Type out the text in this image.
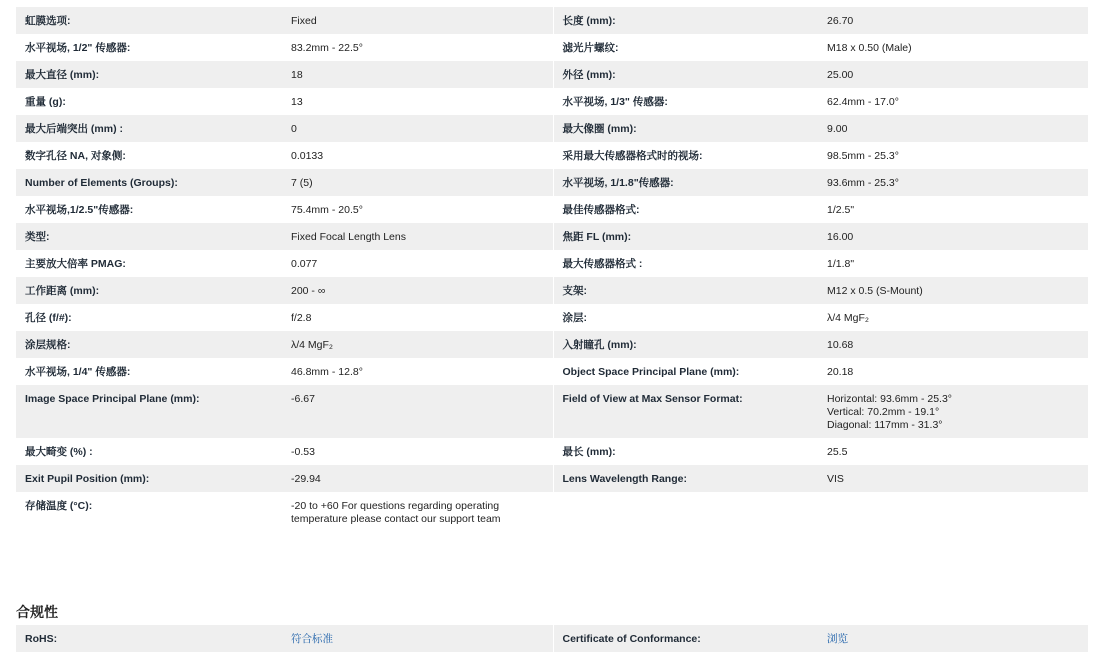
虹膜选项:	Fixed	长度 (mm):	26.70
水平视场, 1/2" 传感器:	83.2mm - 22.5°	滤光片螺纹:	M18 x 0.50 (Male)
最大直径 (mm):	18	外径 (mm):	25.00
重量 (g):	13	水平视场, 1/3" 传感器:	62.4mm - 17.0°
最大后端突出 (mm) :	0	最大像圈 (mm):	9.00
数字孔径 NA, 对象侧:	0.0133	采用最大传感器格式时的视场:	98.5mm - 25.3°
Number of Elements (Groups):	7 (5)	水平视场, 1/1.8"传感器:	93.6mm - 25.3°
水平视场,1/2.5"传感器:	75.4mm - 20.5°	最佳传感器格式:	1/2.5"
类型:	Fixed Focal Length Lens	焦距 FL (mm):	16.00
主要放大倍率 PMAG:	0.077	最大传感器格式 :	1/1.8"
工作距离 (mm):	200 - ∞	支架:	M12 x 0.5 (S-Mount)
孔径 (f/#):	f/2.8	涂层:	λ/4 MgF₂
涂层规格:	λ/4 MgF₂	入射瞳孔 (mm):	10.68
水平视场, 1/4" 传感器:	46.8mm - 12.8°	Object Space Principal Plane (mm):	20.18
Image Space Principal Plane (mm):	-6.67	Field of View at Max Sensor Format:	Horizontal: 93.6mm - 25.3°
Vertical: 70.2mm - 19.1°
Diagonal: 117mm - 31.3°
最大畸变 (%) :	-0.53	最长 (mm):	25.5
Exit Pupil Position (mm):	-29.94	Lens Wavelength Range:	VIS
存储温度 (°C):	-20 to +60 For questions regarding operating
temperature please contact our support team		
合规性
RoHS:	符合标准	Certificate of Conformance:	浏览
